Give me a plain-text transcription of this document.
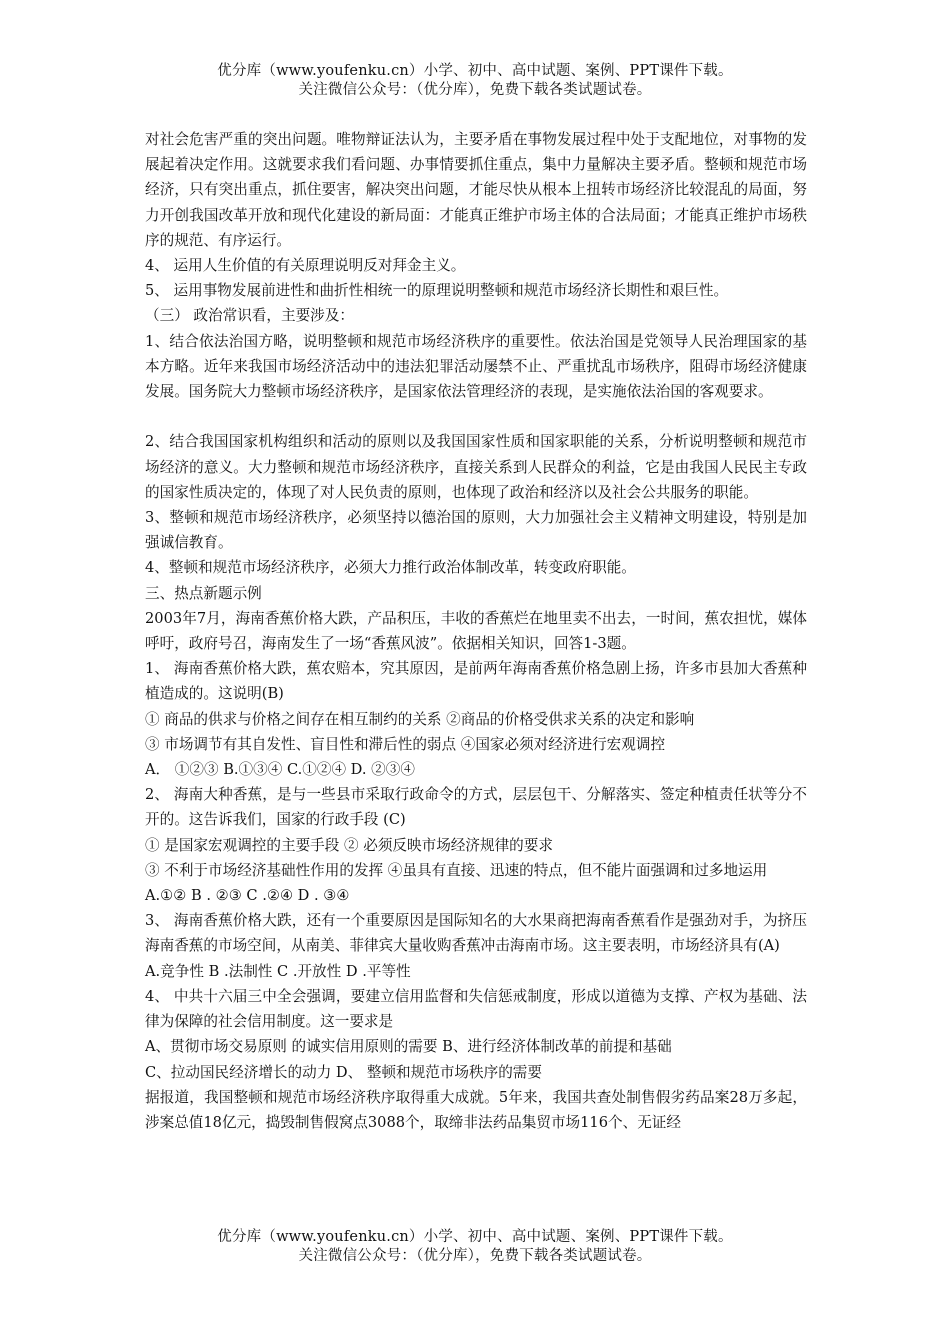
优分库（www.youfenku.cn）小学、初中、高中试题、案例、PPT课件下载。
关注微信公众号：（优分库），免费下载各类试题试卷。

对社会危害严重的突出问题。唯物辩证法认为，主要矛盾在事物发展过程中处于支配地位，对事物的发展起着决定作用。这就要求我们看问题、办事情要抓住重点，集中力量解决主要矛盾。整顿和规范市场经济，只有突出重点，抓住要害，解决突出问题，才能尽快从根本上扭转市场经济比较混乱的局面，努力开创我国改革开放和现代化建设的新局面：才能真正维护市场主体的合法局面；才能真正维护市场秩序的规范、有序运行。

4、 运用人生价值的有关原理说明反对拜金主义。

5、 运用事物发展前进性和曲折性相统一的原理说明整顿和规范市场经济长期性和艰巨性。

（三） 政治常识看，主要涉及：

1、结合依法治国方略，说明整顿和规范市场经济秩序的重要性。依法治国是党领导人民治理国家的基本方略。近年来我国市场经济活动中的违法犯罪活动屡禁不止、严重扰乱市场秩序，阻碍市场经济健康发展。国务院大力整顿市场经济秩序，是国家依法管理经济的表现，是实施依法治国的客观要求。

2、结合我国国家机构组织和活动的原则以及我国国家性质和国家职能的关系，分析说明整顿和规范市场经济的意义。大力整顿和规范市场经济秩序，直接关系到人民群众的利益，它是由我国人民民主专政的国家性质决定的，体现了对人民负责的原则，也体现了政治和经济以及社会公共服务的职能。

3、整顿和规范市场经济秩序，必须坚持以德治国的原则，大力加强社会主义精神文明建设，特别是加强诚信教育。

4、整顿和规范市场经济秩序，必须大力推行政治体制改革，转变政府职能。

三、热点新题示例

2003年7月，海南香蕉价格大跌，产品积压，丰收的香蕉烂在地里卖不出去，一时间，蕉农担忧，媒体呼吁，政府号召，海南发生了一场“香蕉风波”。依据相关知识，回答1-3题。

1、 海南香蕉价格大跌，蕉农赔本，究其原因，是前两年海南香蕉价格急剧上扬，许多市县加大香蕉种植造成的。这说明(B)

① 商品的供求与价格之间存在相互制约的关系 ②商品的价格受供求关系的决定和影响

③ 市场调节有其自发性、盲目性和滞后性的弱点 ④国家必须对经济进行宏观调控

A． ①②③ B.①③④ C.①②④ D. ②③④

2、 海南大种香蕉，是与一些县市采取行政命令的方式，层层包干、分解落实、签定种植责任状等分不开的。这告诉我们，国家的行政手段 (C)

① 是国家宏观调控的主要手段 ② 必须反映市场经济规律的要求

③ 不利于市场经济基础性作用的发挥 ④虽具有直接、迅速的特点，但不能片面强调和过多地运用

A.①② B . ②③ C .②④ D . ③④

3、 海南香蕉价格大跌，还有一个重要原因是国际知名的大水果商把海南香蕉看作是强劲对手，为挤压海南香蕉的市场空间，从南美、菲律宾大量收购香蕉冲击海南市场。这主要表明，市场经济具有(A)

A.竞争性 B .法制性 C .开放性 D .平等性

4、 中共十六届三中全会强调，要建立信用监督和失信惩戒制度，形成以道德为支撑、产权为基础、法律为保障的社会信用制度。这一要求是

A、贯彻市场交易原则 的诚实信用原则的需要 B、进行经济体制改革的前提和基础

C、拉动国民经济增长的动力 D、 整顿和规范市场秩序的需要

据报道，我国整顿和规范市场经济秩序取得重大成就。5年来，我国共查处制售假劣药品案28万多起，涉案总值18亿元，捣毁制售假窝点3088个，取缔非法药品集贸市场116个、无证经

优分库（www.youfenku.cn）小学、初中、高中试题、案例、PPT课件下载。
关注微信公众号：（优分库），免费下载各类试题试卷。
